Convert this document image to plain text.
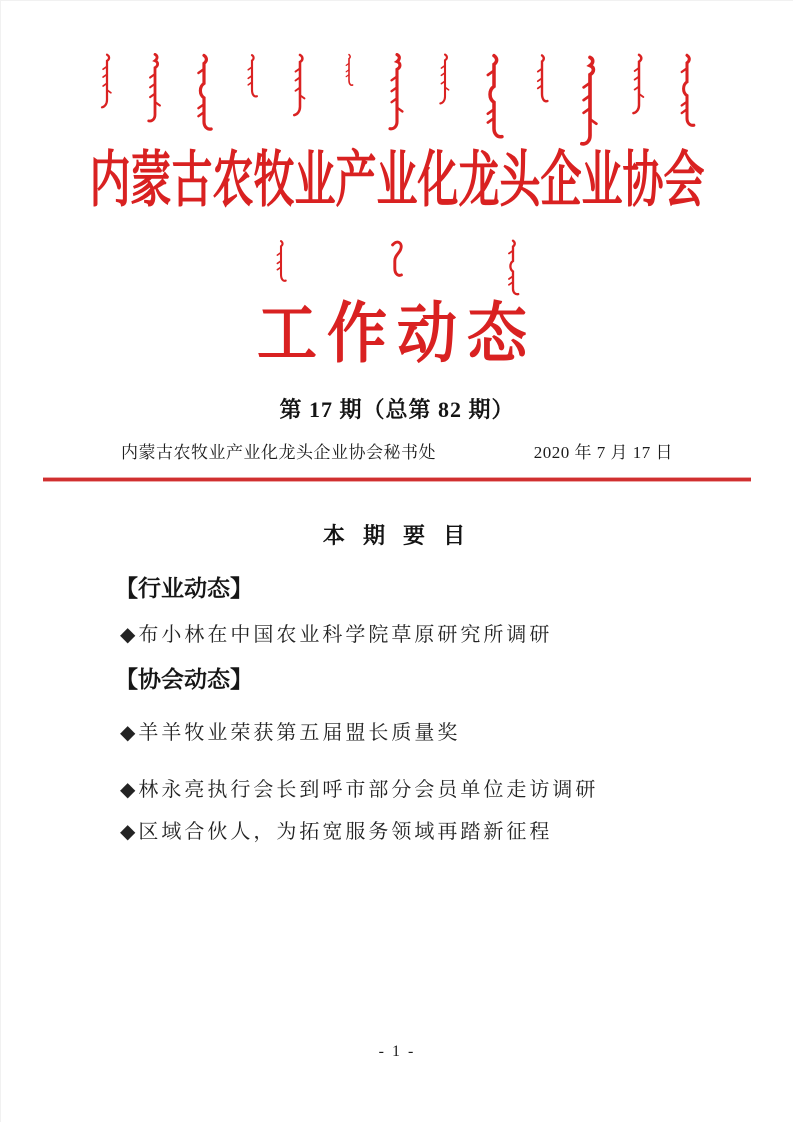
内蒙古农牧业产业化龙头企业协会
工作动态
第 17 期（总第 82 期）
内蒙古农牧业产业化龙头企业协会秘书处	2020 年 7 月 17 日
本 期 要 目
【行业动态】
◆布小林在中国农业科学院草原研究所调研
【协会动态】
◆羊羊牧业荣获第五届盟长质量奖
◆林永亮执行会长到呼市部分会员单位走访调研
◆区域合伙人，为拓宽服务领域再踏新征程
- 1 -
